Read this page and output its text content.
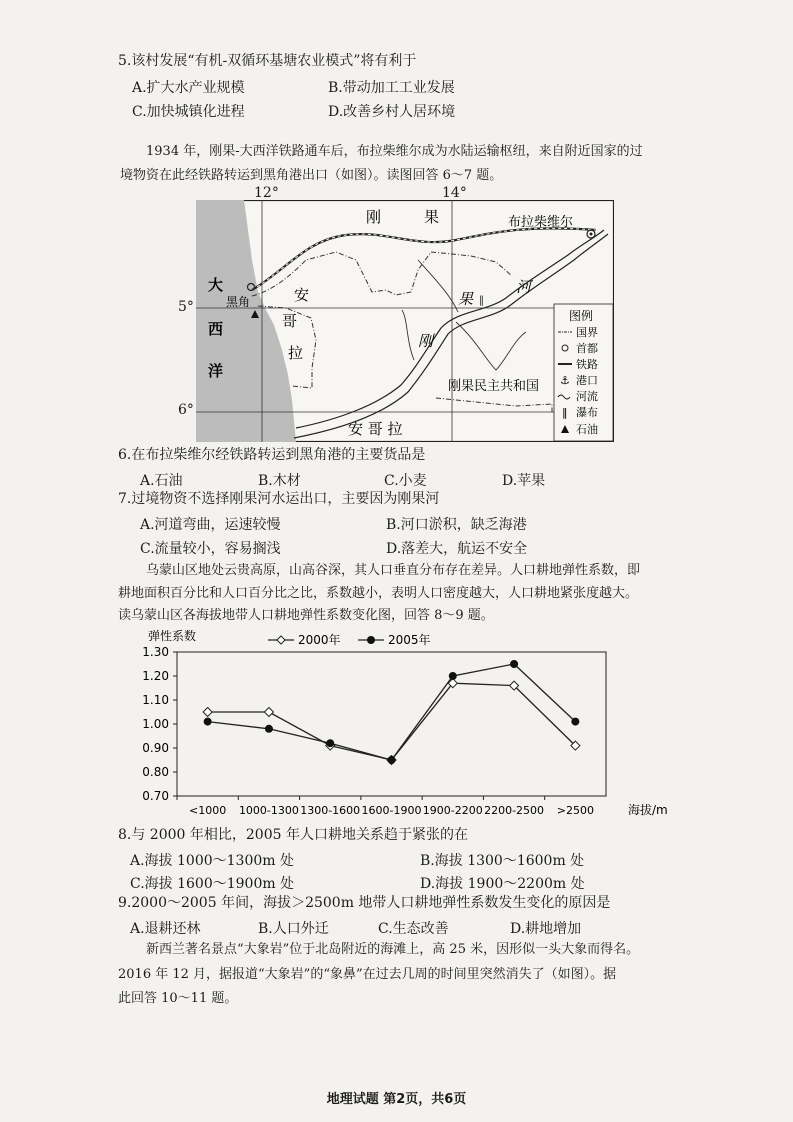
5.该村发展“有机-双循环基塘农业模式”将有利于
A.扩大水产业规模	B.带动加工工业发展
C.加快城镇化进程	D.改善乡村人居环境
1934 年，刚果-大西洋铁路通车后，布拉柴维尔成为水陆运输枢纽，来自附近国家的过
境物资在此经铁路转运到黑角港出口（如图）。读图回答 6～7 题。
‖
刚	果	布拉柴维尔
黑角
大
西
洋
安
哥
拉
果
河
刚
刚果民主共和国
安 哥 拉
图例
国界
首都
铁路
⚓ 港口
河流
‖ 瀑布
石油
12°	14°
5°
6°
6.在布拉柴维尔经铁路转运到黑角港的主要货品是
A.石油	B.木材	C.小麦	D.苹果
7.过境物资不选择刚果河水运出口，主要因为刚果河
A.河道弯曲，运速较慢	B.河口淤积，缺乏海港
C.流量较小，容易搁浅	D.落差大，航运不安全
乌蒙山区地处云贵高原，山高谷深，其人口垂直分布存在差异。人口耕地弹性系数，即
耕地面积百分比和人口百分比之比，系数越小，表明人口密度越大，人口耕地紧张度越大。
读乌蒙山区各海拔地带人口耕地弹性系数变化图，回答 8～9 题。
0.70
0.80
0.90
1.00
1.10
1.20
1.30
<1000 1000-1300 1300-1600 1600-1900 1900-2200 2200-2500 >2500
弹性系数
海拔/m
2000年	2005年
8.与 2000 年相比，2005 年人口耕地关系趋于紧张的在
A.海拔 1000～1300m 处	B.海拔 1300～1600m 处
C.海拔 1600～1900m 处	D.海拔 1900～2200m 处
9.2000～2005 年间，海拔＞2500m 地带人口耕地弹性系数发生变化的原因是
A.退耕还林	B.人口外迁	C.生态改善	D.耕地增加
新西兰著名景点“大象岩”位于北岛附近的海滩上，高 25 米，因形似一头大象而得名。
2016 年 12 月，据报道“大象岩”的“象鼻”在过去几周的时间里突然消失了（如图）。据
此回答 10～11 题。
地理试题 第2页，共6页
